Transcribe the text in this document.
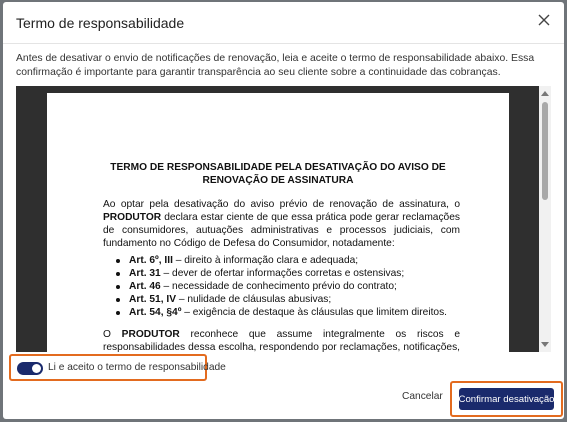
Termo de responsabilidade
Antes de desativar o envio de notificações de renovação, leia e aceite o termo de responsabilidade abaixo. Essa confirmação é importante para garantir transparência ao seu cliente sobre a continuidade das cobranças.
TERMO DE RESPONSABILIDADE PELA DESATIVAÇÃO DO AVISO DE RENOVAÇÃO DE ASSINATURA

Ao optar pela desativação do aviso prévio de renovação de assinatura, o PRODUTOR declara estar ciente de que essa prática pode gerar reclamações de consumidores, autuações administrativas e processos judiciais, com fundamento no Código de Defesa do Consumidor, notadamente:

Art. 6º, III – direito à informação clara e adequada;
Art. 31 – dever de ofertar informações corretas e ostensivas;
Art. 46 – necessidade de conhecimento prévio do contrato;
Art. 51, IV – nulidade de cláusulas abusivas;
Art. 54, §4º – exigência de destaque às cláusulas que limitem direitos.

O PRODUTOR reconhece que assume integralmente os riscos e responsabilidades dessa escolha, respondendo por reclamações, notificações,

Li e aceito o termo de responsabilidade
Cancelar Confirmar desativação
